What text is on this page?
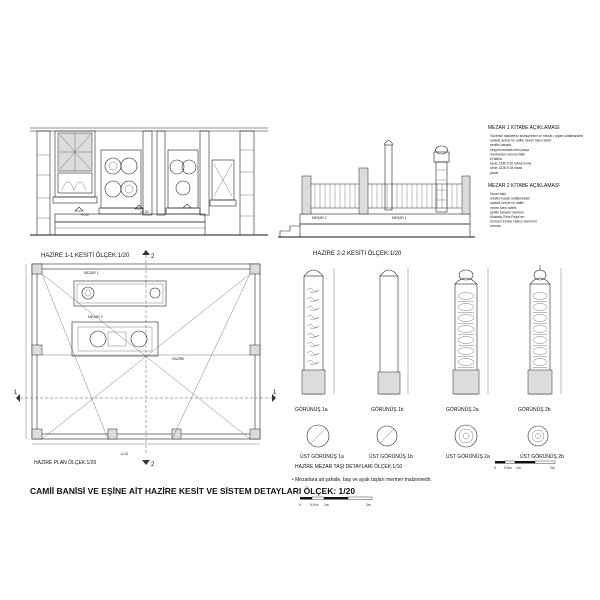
+0.40
±0.00
HAZİRE 1-1 KESİTİ ÖLÇEK:1/20
MEZAR 2	MEZAR 1
HAZİRE 2-2 KESİTİ ÖLÇEK:1/20
MEZAR 1 KİTABE AÇIKLAMASI
Vüzemiz sakiyemiz sezişçekten ve mezâr-ı siyan sülalesinden
sadeat üzerel ve nafile nezen tabu rahmi
şerifini baradır
seyyid mustafa zihni paşa
merhumun ruhuna fatih
el fatiha
sene 1336 fi 30 rebiul evvel
sene 1328 fi 18 nisan
pazar
MEZAR 2 KİTABE AÇIKLAMASI
Huvel baki
mevlevi siyan sülalesinden
sadeat üzerel ve nafile
nezen tabu rahmi
şerifin baradır merhum
Mustafa Zihni Paşa'nın
Zevcesi Emine Hatice Hanım'ın
ruhuna
MEZAR 1
MEZAR 2
HAZİRE
-0.15
2
2
1	1
HAZİRE PLAN ÖLÇEK:1/20
GÖRÜNÜŞ 1a	GÖRÜNÜŞ 1b	GÖRÜNÜŞ 2a	GÖRÜNÜŞ 2b
ÜST GÖRÜNÜŞ 1a	ÜST GÖRÜNÜŞ 1b	ÜST GÖRÜNÜŞ 2a	ÜST GÖRÜNÜŞ 2b
0 0.5m 1m	2m
HAZİRE MEZAR TAŞI DETAYLARI ÖLÇEK:1/10
• Mezarlara ait şahide, baş ve ayak taşları mermer malzemedir.
CAMİİ BANİSİ VE EŞİNE AİT HAZİRE KESİT VE SİSTEM DETAYLARI ÖLÇEK: 1/20
0	0.5 m 1m	2m
